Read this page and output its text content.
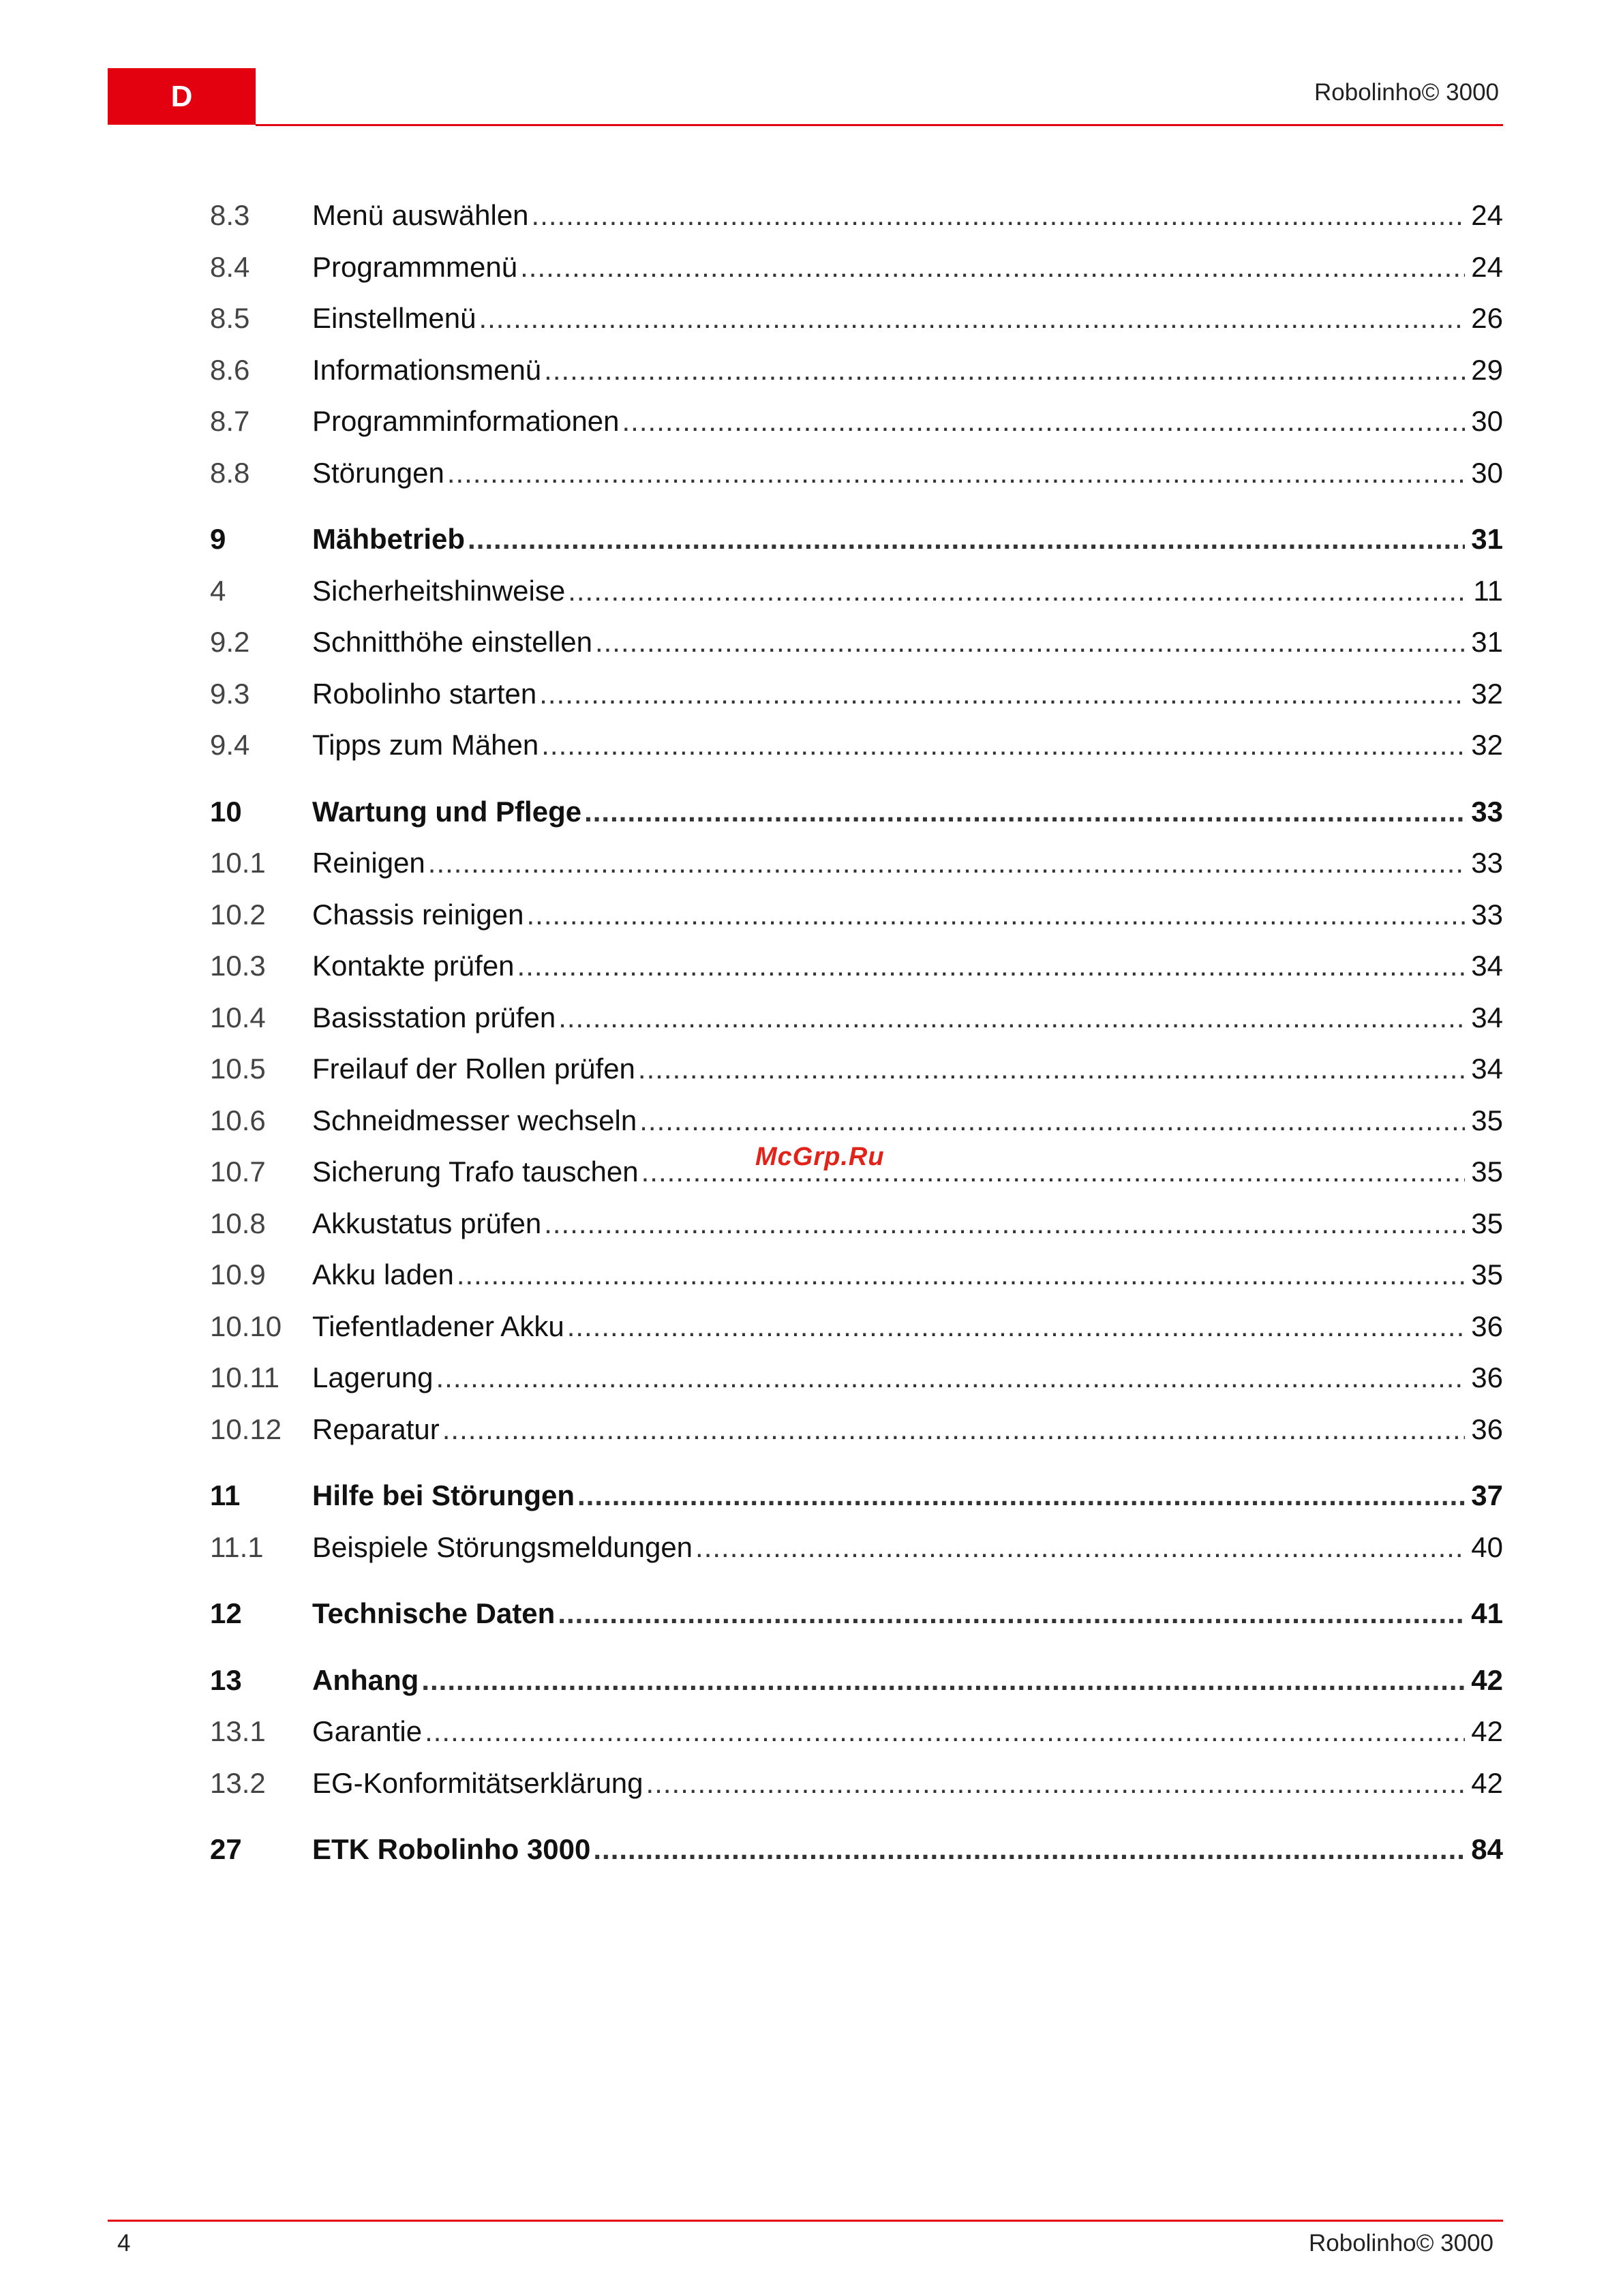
D	Robolinho© 3000
8.3	Menü auswählen .....	24
8.4	Programmmenü .....	24
8.5	Einstellmenü .....	26
8.6	Informationsmenü .....	29
8.7	Programminformationen .....	30
8.8	Störungen .....	30
9	Mähbetrieb .....	31
4	Sicherheitshinweise .....	11
9.2	Schnitthöhe einstellen .....	31
9.3	Robolinho starten .....	32
9.4	Tipps zum Mähen .....	32
10	Wartung und Pflege .....	33
10.1	Reinigen .....	33
10.2	Chassis reinigen .....	33
10.3	Kontakte prüfen .....	34
10.4	Basisstation prüfen .....	34
10.5	Freilauf der Rollen prüfen .....	34
10.6	Schneidmesser wechseln .....	35
10.7	Sicherung Trafo tauschen .....	35
10.8	Akkustatus prüfen .....	35
10.9	Akku laden .....	35
10.10	Tiefentladener Akku .....	36
10.11	Lagerung .....	36
10.12	Reparatur .....	36
11	Hilfe bei Störungen .....	37
11.1	Beispiele Störungsmeldungen .....	40
12	Technische Daten .....	41
13	Anhang .....	42
13.1	Garantie .....	42
13.2	EG-Konformitätserklärung .....	42
27	ETK Robolinho 3000 .....	84
McGrp.Ru
4	Robolinho© 3000
